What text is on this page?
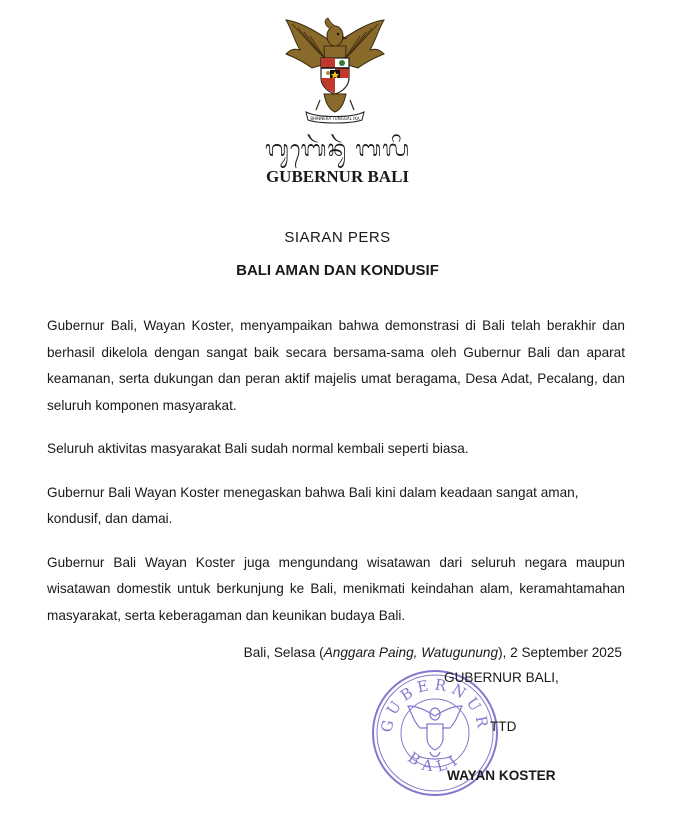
BHINNEKA TUNGGAL IKA
ᬕᬸᬩᬾᬃᬦᬸᬃ ᬩᬮᬶ
GUBERNUR BALI
SIARAN PERS
BALI AMAN DAN KONDUSIF

Gubernur Bali, Wayan Koster, menyampaikan bahwa demonstrasi di Bali telah berakhir dan berhasil dikelola dengan sangat baik secara bersama-sama oleh Gubernur Bali dan aparat keamanan, serta dukungan dan peran aktif majelis umat beragama, Desa Adat, Pecalang, dan seluruh komponen masyarakat.

Seluruh aktivitas masyarakat Bali sudah normal kembali seperti biasa.

Gubernur Bali Wayan Koster menegaskan bahwa Bali kini dalam keadaan sangat aman, kondusif, dan damai.

Gubernur Bali Wayan Koster juga mengundang wisatawan dari seluruh negara maupun wisatawan domestik untuk berkunjung ke Bali, menikmati keindahan alam, keramahtamahan masyarakat, serta keberagaman dan keunikan budaya Bali.

Bali, Selasa (Anggara Paing, Watugunung), 2 September 2025
GUBERNUR
BALI
GUBERNUR BALI,
TTD
WAYAN KOSTER
